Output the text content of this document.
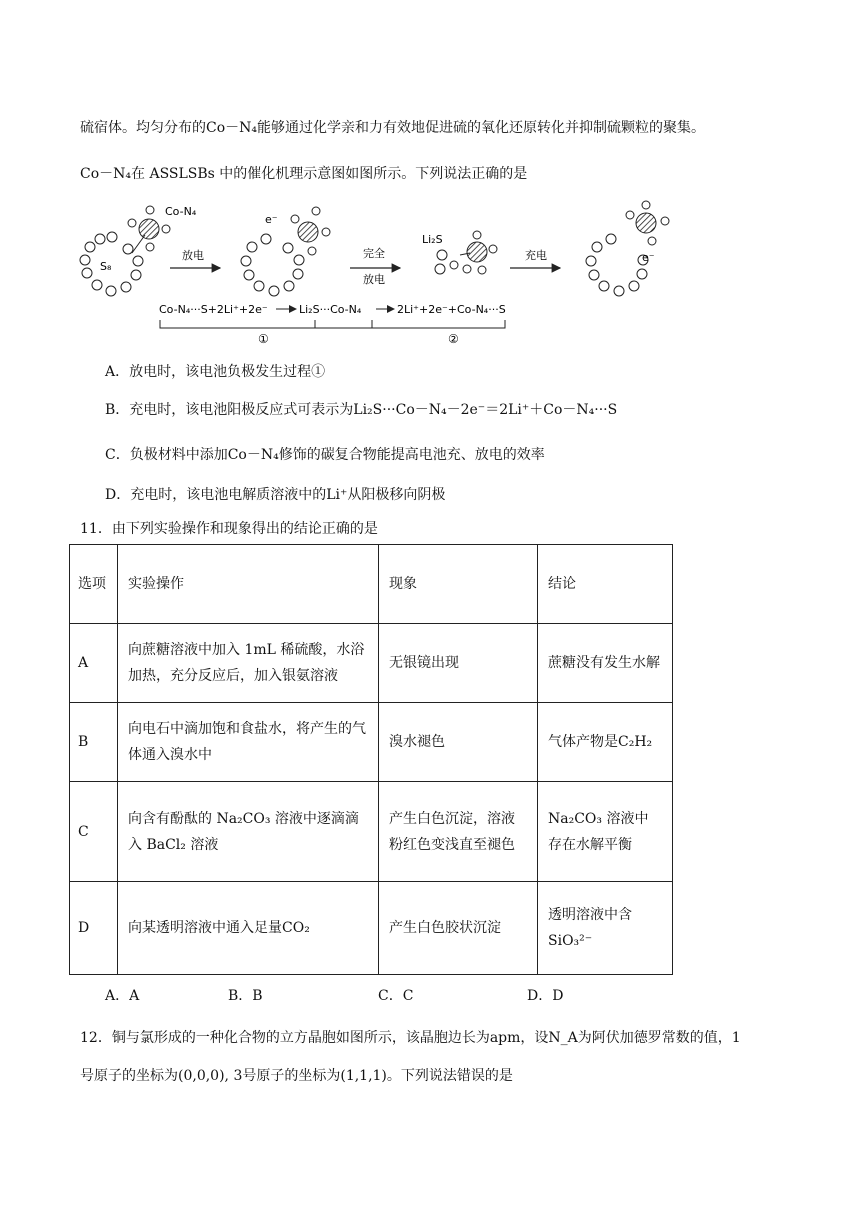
硫宿体。均匀分布的Co－N₄能够通过化学亲和力有效地促进硫的氧化还原转化并抑制硫颗粒的聚集。
Co－N₄在 ASSLSBs 中的催化机理示意图如图所示。下列说法正确的是
Co-N₄
S₈
放电
e⁻
完全
放电
Li₂S
充电	e⁻
Co-N₄···S+2Li⁺+2e⁻	Li₂S···Co-N₄	2Li⁺+2e⁻+Co-N₄···S
①	②
A．放电时，该电池负极发生过程①
B．充电时，该电池阳极反应式可表示为Li₂S···Co－N₄－2e⁻＝2Li⁺＋Co－N₄···S
C．负极材料中添加Co－N₄修饰的碳复合物能提高电池充、放电的效率
D．充电时，该电池电解质溶液中的Li⁺从阳极移向阴极
11．由下列实验操作和现象得出的结论正确的是
选项	实验操作	现象	结论
A	向蔗糖溶液中加入 1mL 稀硫酸，水浴加热，充分反应后，加入银氨溶液	无银镜出现	蔗糖没有发生水解
B	向电石中滴加饱和食盐水，将产生的气体通入溴水中	溴水褪色	气体产物是C₂H₂
C	向含有酚酞的 Na₂CO₃ 溶液中逐滴滴入 BaCl₂ 溶液	产生白色沉淀，溶液粉红色变浅直至褪色	Na₂CO₃ 溶液中存在水解平衡
D	向某透明溶液中通入足量CO₂	产生白色胶状沉淀	透明溶液中含SiO₃²⁻
A．A	B．B	C．C	D．D
12．铜与氯形成的一种化合物的立方晶胞如图所示，该晶胞边长为apm，设N_A为阿伏加德罗常数的值，1
号原子的坐标为(0,0,0), 3号原子的坐标为(1,1,1)。下列说法错误的是
